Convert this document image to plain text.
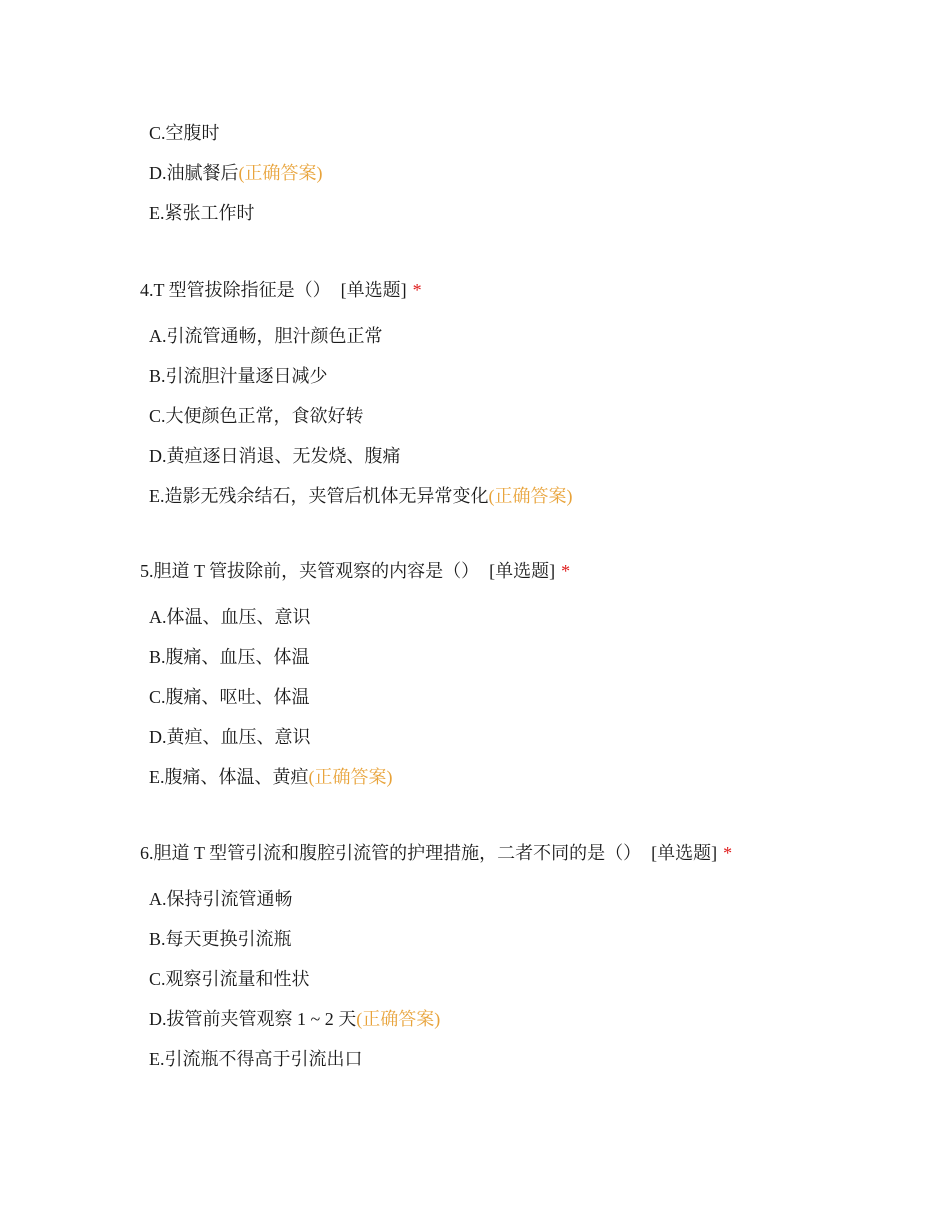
C.空腹时
D.油腻餐后(正确答案)
E.紧张工作时
4.T 型管拔除指征是（） [单选题] *
A.引流管通畅，胆汁颜色正常
B.引流胆汁量逐日减少
C.大便颜色正常，食欲好转
D.黄疸逐日消退、无发烧、腹痛
E.造影无残余结石，夹管后机体无异常变化(正确答案)
5.胆道 T 管拔除前，夹管观察的内容是（） [单选题] *
A.体温、血压、意识
B.腹痛、血压、体温
C.腹痛、呕吐、体温
D.黄疸、血压、意识
E.腹痛、体温、黄疸(正确答案)
6.胆道 T 型管引流和腹腔引流管的护理措施，二者不同的是（） [单选题] *
A.保持引流管通畅
B.每天更换引流瓶
C.观察引流量和性状
D.拔管前夹管观察 1 ~ 2 天(正确答案)
E.引流瓶不得高于引流出口
